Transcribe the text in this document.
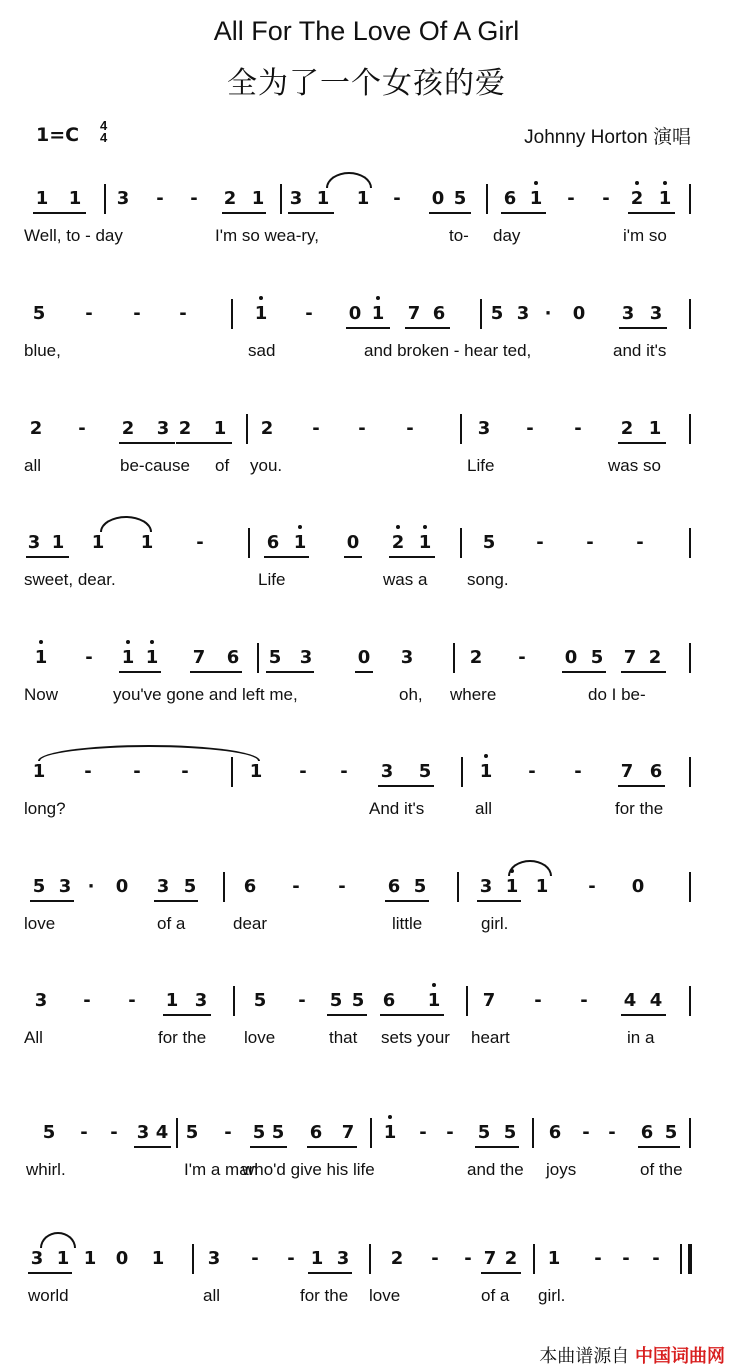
All For The Love Of A Girl
全为了一个女孩的爱
1=C 4
4	Johnny Horton 演唱
1 1 3	-	-	2 1 3 1 1	-	0 5 6 1	-	-	2 1
Well, to - day	I'm so wea-ry,	to- day	i'm so
5	-	-	-	1	-	0 1 7 6	5 3 ·	0 3 3
blue,	sad	and broken - hear ted,	and it's
2	-	2 3 2 1 2	-	-	-	3	-	-	2 1
all	be-cause of you.	Life	was so
3 1 1 1	-	6 1 0 2 1	5	-	-	-
sweet, dear.	Life	was a song.
1	-	1 1 7 6 5 3	0 3	2	-	0 5 7 2
Now	you've gone and left me,	oh, where	do I be-
1	-	-	-	1	-	-	3 5	1	-	-	7 6
long?	And it's	all	for the
5 3 ·	0 3 5	6	-	-	6 5	3 1 1	-	0
love	of a	dear	little	girl.
3	-	-	1 3	5	-	5 5 6 1 7	-	-	4 4
All	for the love	that sets your heart	in a
5	-	-	3 4 5	-	5 5 6 7 1	-	-	5 5 6	-	-	6 5
whirl.	I'm a man
who'd give his life	and the joys	of the
3 1 1 0 1 3	-	- 1 3 2	-	- 7 2 1	-	-	-
world	all	for the love	of a girl.
本曲谱源自 中国词曲网
